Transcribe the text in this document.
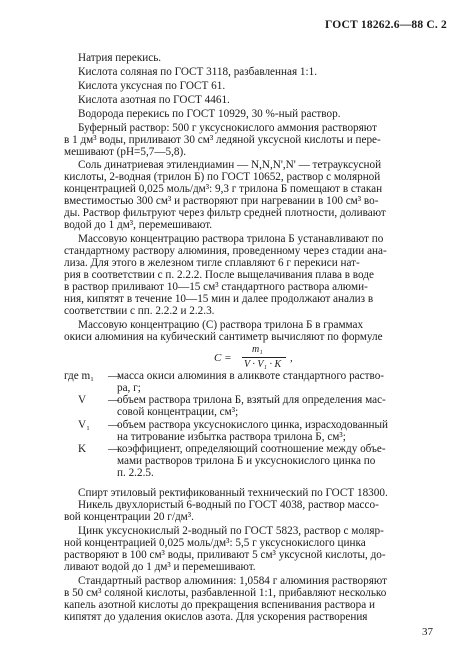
ГОСТ 18262.6—88 С. 2
Натрия перекись.
Кислота соляная по ГОСТ 3118, разбавленная 1:1.
Кислота уксусная по ГОСТ 61.
Кислота азотная по ГОСТ 4461.
Водорода перекись по ГОСТ 10929, 30 %-ный раствор.
Буферный раствор: 500 г уксуснокислого аммония растворяют
в 1 дм³ воды, приливают 30 см³ ледяной уксусной кислоты и пере-
мешивают (pH=5,7—5,8).
Соль динатриевая этилендиамин — N,N,N',N' — тетрауксусной
кислоты, 2-водная (трилон Б) по ГОСТ 10652, раствор с молярной
концентрацией 0,025 моль/дм³: 9,3 г трилона Б помещают в стакан
вместимостью 300 см³ и растворяют при нагревании в 100 см³ во-
ды. Раствор фильтруют через фильтр средней плотности, доливают
водой до 1 дм³, перемешивают.
Массовую концентрацию раствора трилона Б устанавливают по
стандартному раствору алюминия, проведенному через стадии ана-
лиза. Для этого в железном тигле сплавляют 6 г перекиси нат-
рия в соответствии с п. 2.2.2. После выщелачивания плава в воде
в раствор приливают 10—15 см³ стандартного раствора алюми-
ния, кипятят в течение 10—15 мин и далее продолжают анализ в
соответствии с пп. 2.2.2 и 2.2.3.
Массовую концентрацию (C) раствора трилона Б в граммах
окиси алюминия на кубический сантиметр вычисляют по формуле
C =
m₁
V · V₁ · K
,
где m₁ —
масса окиси алюминия в аликвоте стандартного раство-
ра, г;
V —
объем раствора трилона Б, взятый для определения мас-
совой концентрации, см³;
V₁ —
объем раствора уксуснокислого цинка, израсходованный
на титрование избытка раствора трилона Б, см³;
K —
коэффициент, определяющий соотношение между объе-
мами растворов трилона Б и уксуснокислого цинка по
п. 2.2.5.
Спирт этиловый ректификованный технический по ГОСТ 18300.
Никель двухлористый 6-водный по ГОСТ 4038, раствор массо-
вой концентрации 20 г/дм³.
Цинк уксуснокислый 2-водный по ГОСТ 5823, раствор с моляр-
ной концентрацией 0,025 моль/дм³: 5,5 г уксуснокислого цинка
растворяют в 100 см³ воды, приливают 5 см³ уксусной кислоты, до-
ливают водой до 1 дм³ и перемешивают.
Стандартный раствор алюминия: 1,0584 г алюминия растворяют
в 50 см³ соляной кислоты, разбавленной 1:1, прибавляют несколько
капель азотной кислоты до прекращения вспенивания раствора и
кипятят до удаления окислов азота. Для ускорения растворения
37
